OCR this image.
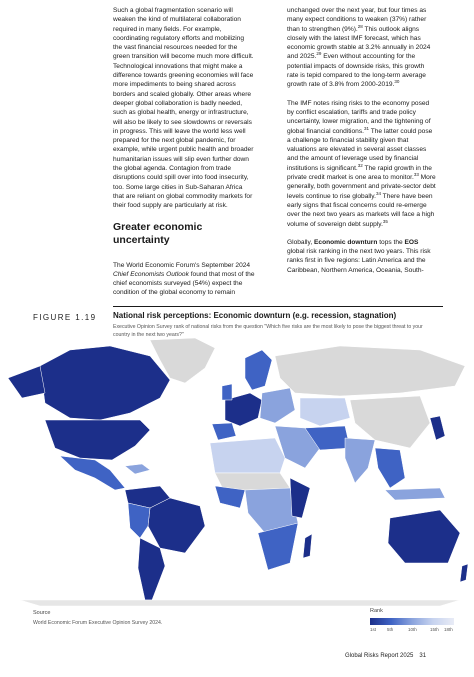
Such a global fragmentation scenario will weaken the kind of multilateral collaboration required in many fields. For example, coordinating regulatory efforts and mobilizing the vast financial resources needed for the green transition will become much more difficult. Technological innovations that might make a difference towards greening economies will face more impediments to being shared across borders and scaled globally. Other areas where deeper global collaboration is badly needed, such as global health, energy or infrastructure, will also be likely to see slowdowns or reversals in progress. This will leave the world less well prepared for the next global pandemic, for example, while urgent public health and broader humanitarian issues will slip even further down the global agenda. Contagion from trade disruptions could spill over into food insecurity, too. Some large cities in Sub-Saharan Africa that are reliant on global commodity markets for their food supply are particularly at risk.

Greater economic uncertainty

The World Economic Forum's September 2024 Chief Economists Outlook found that most of the chief economists surveyed (54%) expect the condition of the global economy to remain

unchanged over the next year, but four times as many expect conditions to weaken (37%) rather than to strengthen (9%).$^{28}$ This outlook aligns closely with the latest IMF forecast, which has economic growth stable at 3.2% annually in 2024 and 2025.29 Even without accounting for the potential impacts of downside risks, this growth rate is tepid compared to the long-term average growth rate of 3.8% from 2000-2019.30

The IMF notes rising risks to the economy posed by conflict escalation, tariffs and trade policy uncertainty, lower migration, and the tightening of global financial conditions.$^{31}$ The latter could pose a challenge to financial stability given that valuations are elevated in several asset classes and the amount of leverage used by financial institutions is significant.$^{32}$ The rapid growth in the private credit market is one area to monitor.$^{33}$ More generally, both government and private-sector debt levels continue to rise globally.$^{34}$ There have been early signs that fiscal concerns could re-emerge over the next two years as markets will face a high volume of sovereign debt supply.$^{35}$

Globally, Economic downturn tops the EOS global risk ranking in the next two years. This risk ranks first in five regions: Latin America and the Caribbean, Northern America, Oceania, South-

FIGURE 1.19 National risk perceptions: Economic downturn (e.g. recession, stagnation)
Executive Opinion Survey rank of national risks from the question "Which five risks are the most likely to pose the biggest threat to your country in the next two years?"
Source
World Economic Forum Executive Opinion Survey 2024.
Rank
1st 5th	10th	15th 18th
Global Risks Report 2025 31
